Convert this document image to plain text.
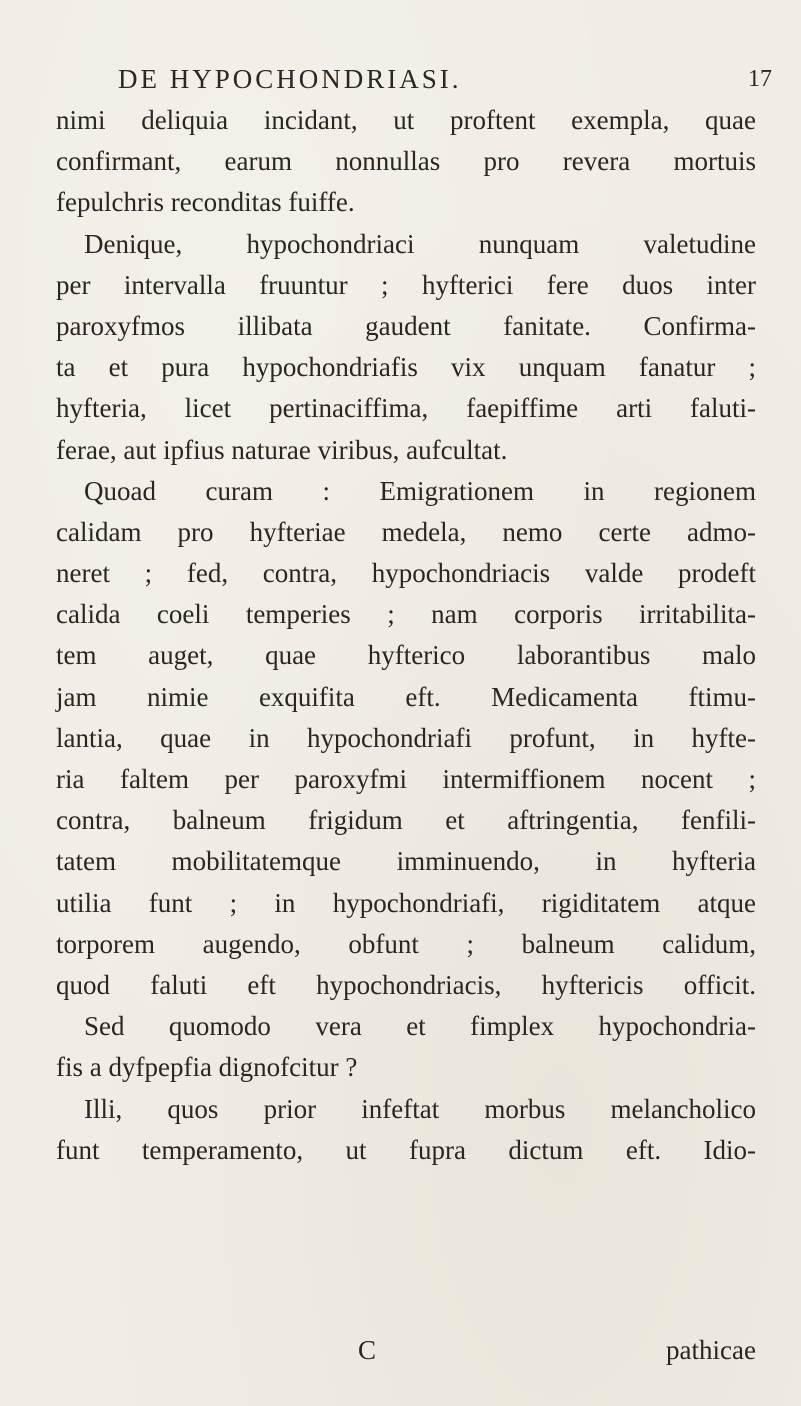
DE HYPOCHONDRIASI.	17
nimi deliquia incidant, ut proftent exempla, quae
confirmant, earum nonnullas pro revera mortuis
fepulchris reconditas fuiffe.
Denique, hypochondriaci nunquam valetudine
per intervalla fruuntur ; hyfterici fere duos inter
paroxyfmos illibata gaudent fanitate. Confirma-
ta et pura hypochondriafis vix unquam fanatur ;
hyfteria, licet pertinaciffima, faepiffime arti faluti-
ferae, aut ipfius naturae viribus, aufcultat.
Quoad curam : Emigrationem in regionem
calidam pro hyfteriae medela, nemo certe admo-
neret ; fed, contra, hypochondriacis valde prodeft
calida coeli temperies ; nam corporis irritabilita-
tem auget, quae hyfterico laborantibus malo
jam nimie exquifita eft. Medicamenta ftimu-
lantia, quae in hypochondriafi profunt, in hyfte-
ria faltem per paroxyfmi intermiffionem nocent ;
contra, balneum frigidum et aftringentia, fenfili-
tatem mobilitatemque imminuendo, in hyfteria
utilia funt ; in hypochondriafi, rigiditatem atque
torporem augendo, obfunt ; balneum calidum,
quod faluti eft hypochondriacis, hyftericis officit.
Sed quomodo vera et fimplex hypochondria-
fis a dyfpepfia dignofcitur ?
Illi, quos prior infeftat morbus melancholico
funt temperamento, ut fupra dictum eft. Idio-
C	pathicae
